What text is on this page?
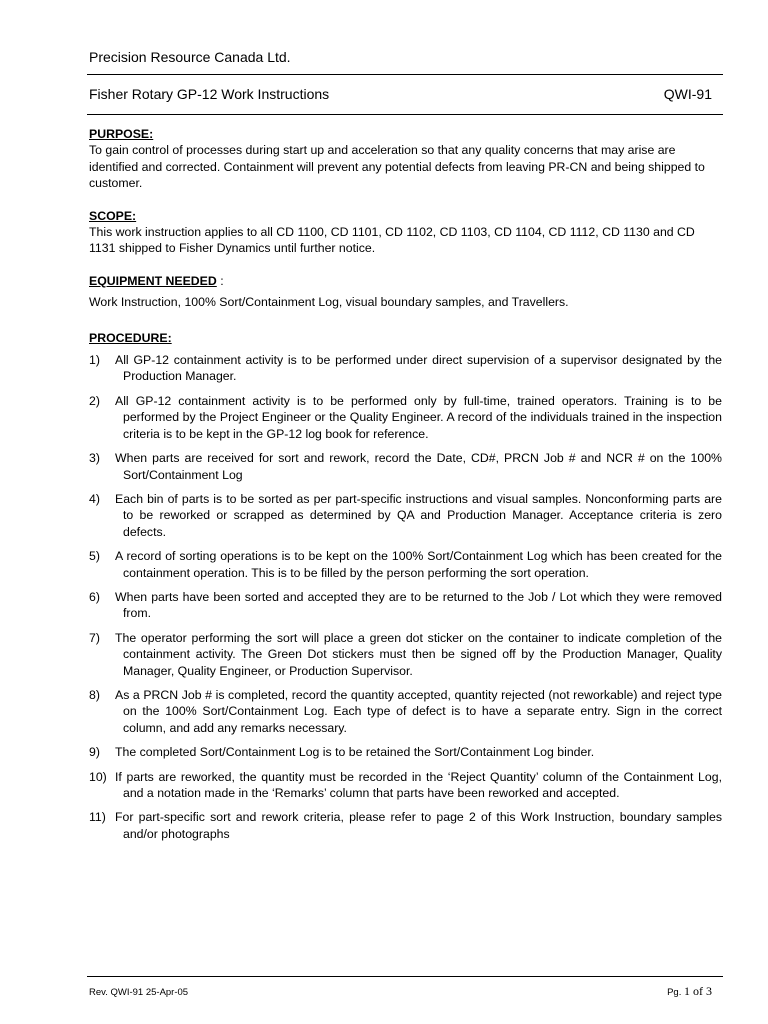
Precision Resource Canada Ltd.
Fisher Rotary GP-12 Work Instructions	QWI-91
PURPOSE:
To gain control of processes during start up and acceleration so that any quality concerns that may arise are identified and corrected. Containment will prevent any potential defects from leaving PR-CN and being shipped to customer.
SCOPE:
This work instruction applies to all CD 1100, CD 1101, CD 1102, CD 1103, CD 1104, CD 1112, CD 1130 and CD 1131 shipped to Fisher Dynamics until further notice.
EQUIPMENT NEEDED :
Work Instruction, 100% Sort/Containment Log, visual boundary samples, and Travellers.
PROCEDURE:
1) All GP-12 containment activity is to be performed under direct supervision of a supervisor designated by the Production Manager.
2) All GP-12 containment activity is to be performed only by full-time, trained operators. Training is to be performed by the Project Engineer or the Quality Engineer. A record of the individuals trained in the inspection criteria is to be kept in the GP-12 log book for reference.
3) When parts are received for sort and rework, record the Date, CD#, PRCN Job # and NCR # on the 100% Sort/Containment Log
4) Each bin of parts is to be sorted as per part-specific instructions and visual samples. Nonconforming parts are to be reworked or scrapped as determined by QA and Production Manager. Acceptance criteria is zero defects.
5) A record of sorting operations is to be kept on the 100% Sort/Containment Log which has been created for the containment operation. This is to be filled by the person performing the sort operation.
6) When parts have been sorted and accepted they are to be returned to the Job / Lot which they were removed from.
7) The operator performing the sort will place a green dot sticker on the container to indicate completion of the containment activity. The Green Dot stickers must then be signed off by the Production Manager, Quality Manager, Quality Engineer, or Production Supervisor.
8) As a PRCN Job # is completed, record the quantity accepted, quantity rejected (not reworkable) and reject type on the 100% Sort/Containment Log. Each type of defect is to have a separate entry. Sign in the correct column, and add any remarks necessary.
9) The completed Sort/Containment Log is to be retained the Sort/Containment Log binder.
10) If parts are reworked, the quantity must be recorded in the ‘Reject Quantity’ column of the Containment Log, and a notation made in the ‘Remarks’ column that parts have been reworked and accepted.
11) For part-specific sort and rework criteria, please refer to page 2 of this Work Instruction, boundary samples and/or photographs
Rev. QWI-91 25-Apr-05	Pg. 1 of 3
